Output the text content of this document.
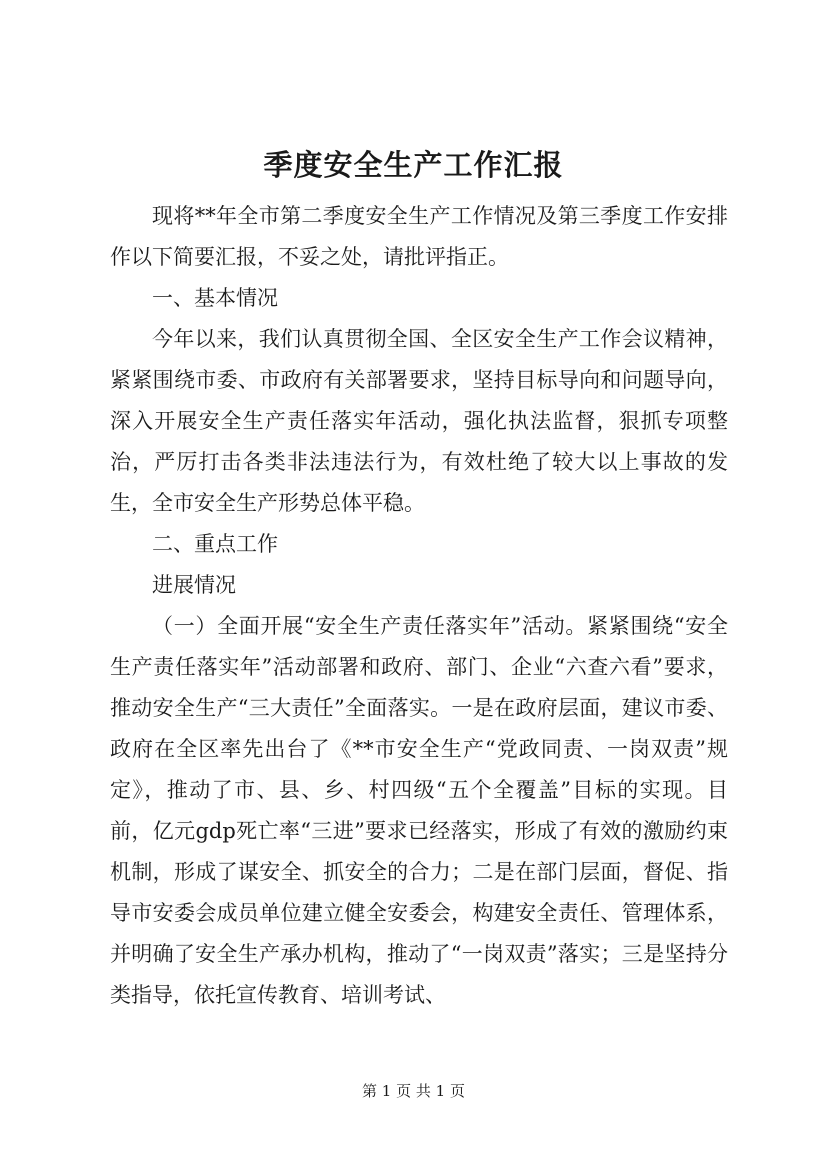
季度安全生产工作汇报

现将**年全市第二季度安全生产工作情况及第三季度工作安排作以下简要汇报，不妥之处，请批评指正。

一、基本情况

今年以来，我们认真贯彻全国、全区安全生产工作会议精神，紧紧围绕市委、市政府有关部署要求，坚持目标导向和问题导向，深入开展安全生产责任落实年活动，强化执法监督，狠抓专项整治，严厉打击各类非法违法行为，有效杜绝了较大以上事故的发生，全市安全生产形势总体平稳。

二、重点工作

进展情况

（一）全面开展“安全生产责任落实年”活动。紧紧围绕“安全生产责任落实年”活动部署和政府、部门、企业“六查六看”要求，推动安全生产“三大责任”全面落实。一是在政府层面，建议市委、政府在全区率先出台了《**市安全生产“党政同责、一岗双责”规定》，推动了市、县、乡、村四级“五个全覆盖”目标的实现。目前，亿元gdp死亡率“三进”要求已经落实，形成了有效的激励约束机制，形成了谋安全、抓安全的合力；二是在部门层面，督促、指导市安委会成员单位建立健全安委会，构建安全责任、管理体系，并明确了安全生产承办机构，推动了“一岗双责”落实；三是坚持分类指导，依托宣传教育、培训考试、

第 1 页 共 1 页
